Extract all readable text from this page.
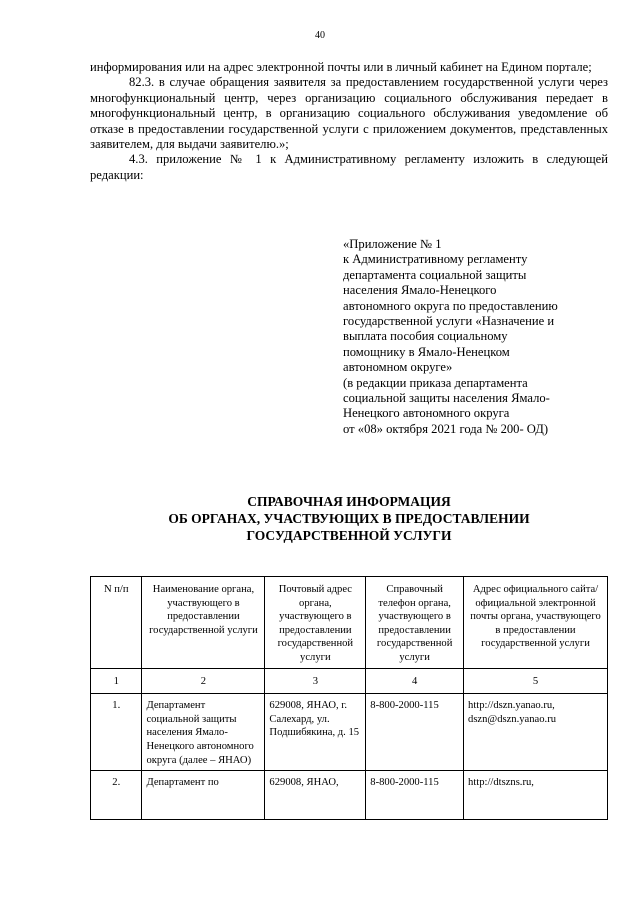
40

информирования или на адрес электронной почты или в личный кабинет на Едином портале;

82.3. в случае обращения заявителя за предоставлением государственной услуги через многофункциональный центр, через организацию социального обслуживания передает в многофункциональный центр, в организацию социального обслуживания уведомление об отказе в предоставлении государственной услуги с приложением документов, представленных заявителем, для выдачи заявителю.»;

4.3. приложение № 1 к Административному регламенту изложить в следующей редакции:

«Приложение № 1
к Административному регламенту
департамента социальной защиты
населения Ямало-Ненецкого
автономного округа по предоставлению
государственной услуги «Назначение и
выплата пособия социальному
помощнику в Ямало-Ненецком
автономном округе»
(в редакции приказа департамента
социальной защиты населения Ямало-
Ненецкого автономного округа
от «08» октября 2021 года № 200- ОД)
СПРАВОЧНАЯ ИНФОРМАЦИЯ
ОБ ОРГАНАХ, УЧАСТВУЮЩИХ В ПРЕДОСТАВЛЕНИИ
ГОСУДАРСТВЕННОЙ УСЛУГИ
N п/п	Наименование органа, участвующего в предоставлении государственной услуги	Почтовый адрес органа, участвующего в предоставлении государственной услуги	Справочный телефон органа, участвующего в предоставлении государственной услуги	Адрес официального сайта/официальной электронной почты органа, участвующего в предоставлении государственной услуги
1	2	3	4	5
1.	Департамент социальной защиты населения Ямало-Ненецкого автономного округа (далее – ЯНАО)	629008, ЯНАО, г. Салехард, ул. Подшибякина, д. 15	8-800-2000-115	http://dszn.yanao.ru, dszn@dszn.yanao.ru
2.	Департамент по	629008, ЯНАО,	8-800-2000-115	http://dtszns.ru,
